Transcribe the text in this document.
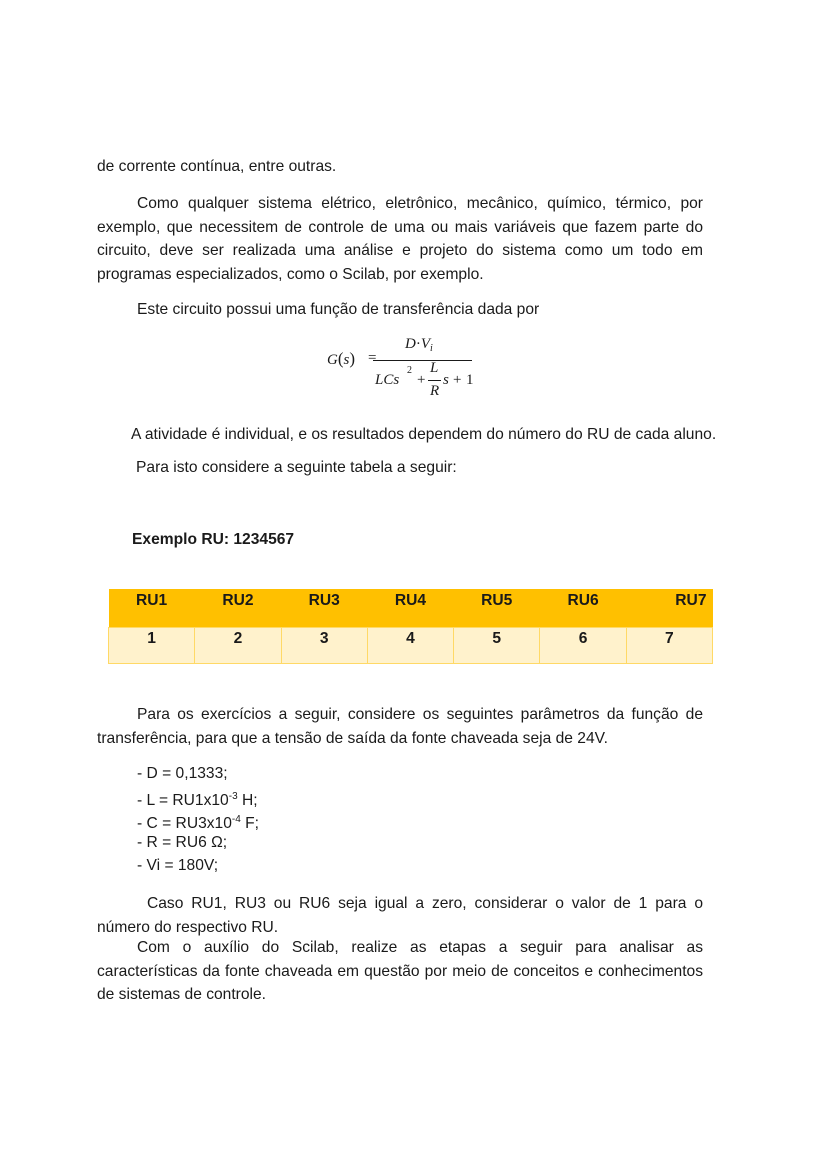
de corrente contínua, entre outras.

Como qualquer sistema elétrico, eletrônico, mecânico, químico, térmico, por exemplo, que necessitem de controle de uma ou mais variáveis que fazem parte do circuito, deve ser realizada uma análise e projeto do sistema como um todo em programas especializados, como o Scilab, por exemplo.

Este circuito possui uma função de transferência dada por

G(s) =
$D\cdot V_i$
LCs
2
+
L
R
s + 1

A atividade é individual, e os resultados dependem do número do RU de cada aluno.

Para isto considere a seguinte tabela a seguir:

Exemplo RU: 1234567

RU1	RU2	RU3	RU4	RU5	RU6	RU7
1	2	3	4	5	6	7

Para os exercícios a seguir, considere os seguintes parâmetros da função de transferência, para que a tensão de saída da fonte chaveada seja de 24V.

- D = 0,1333;
- $L = RU1x10^{-3}$ H;
- $C = RU3x10^{-4}$ F;
- R = RU6 Ω;
- Vi = 180V;

Caso RU1, RU3 ou RU6 seja igual a zero, considerar o valor de 1 para o número do respectivo RU.

Com o auxílio do Scilab, realize as etapas a seguir para analisar as características da fonte chaveada em questão por meio de conceitos e conhecimentos de sistemas de controle.
